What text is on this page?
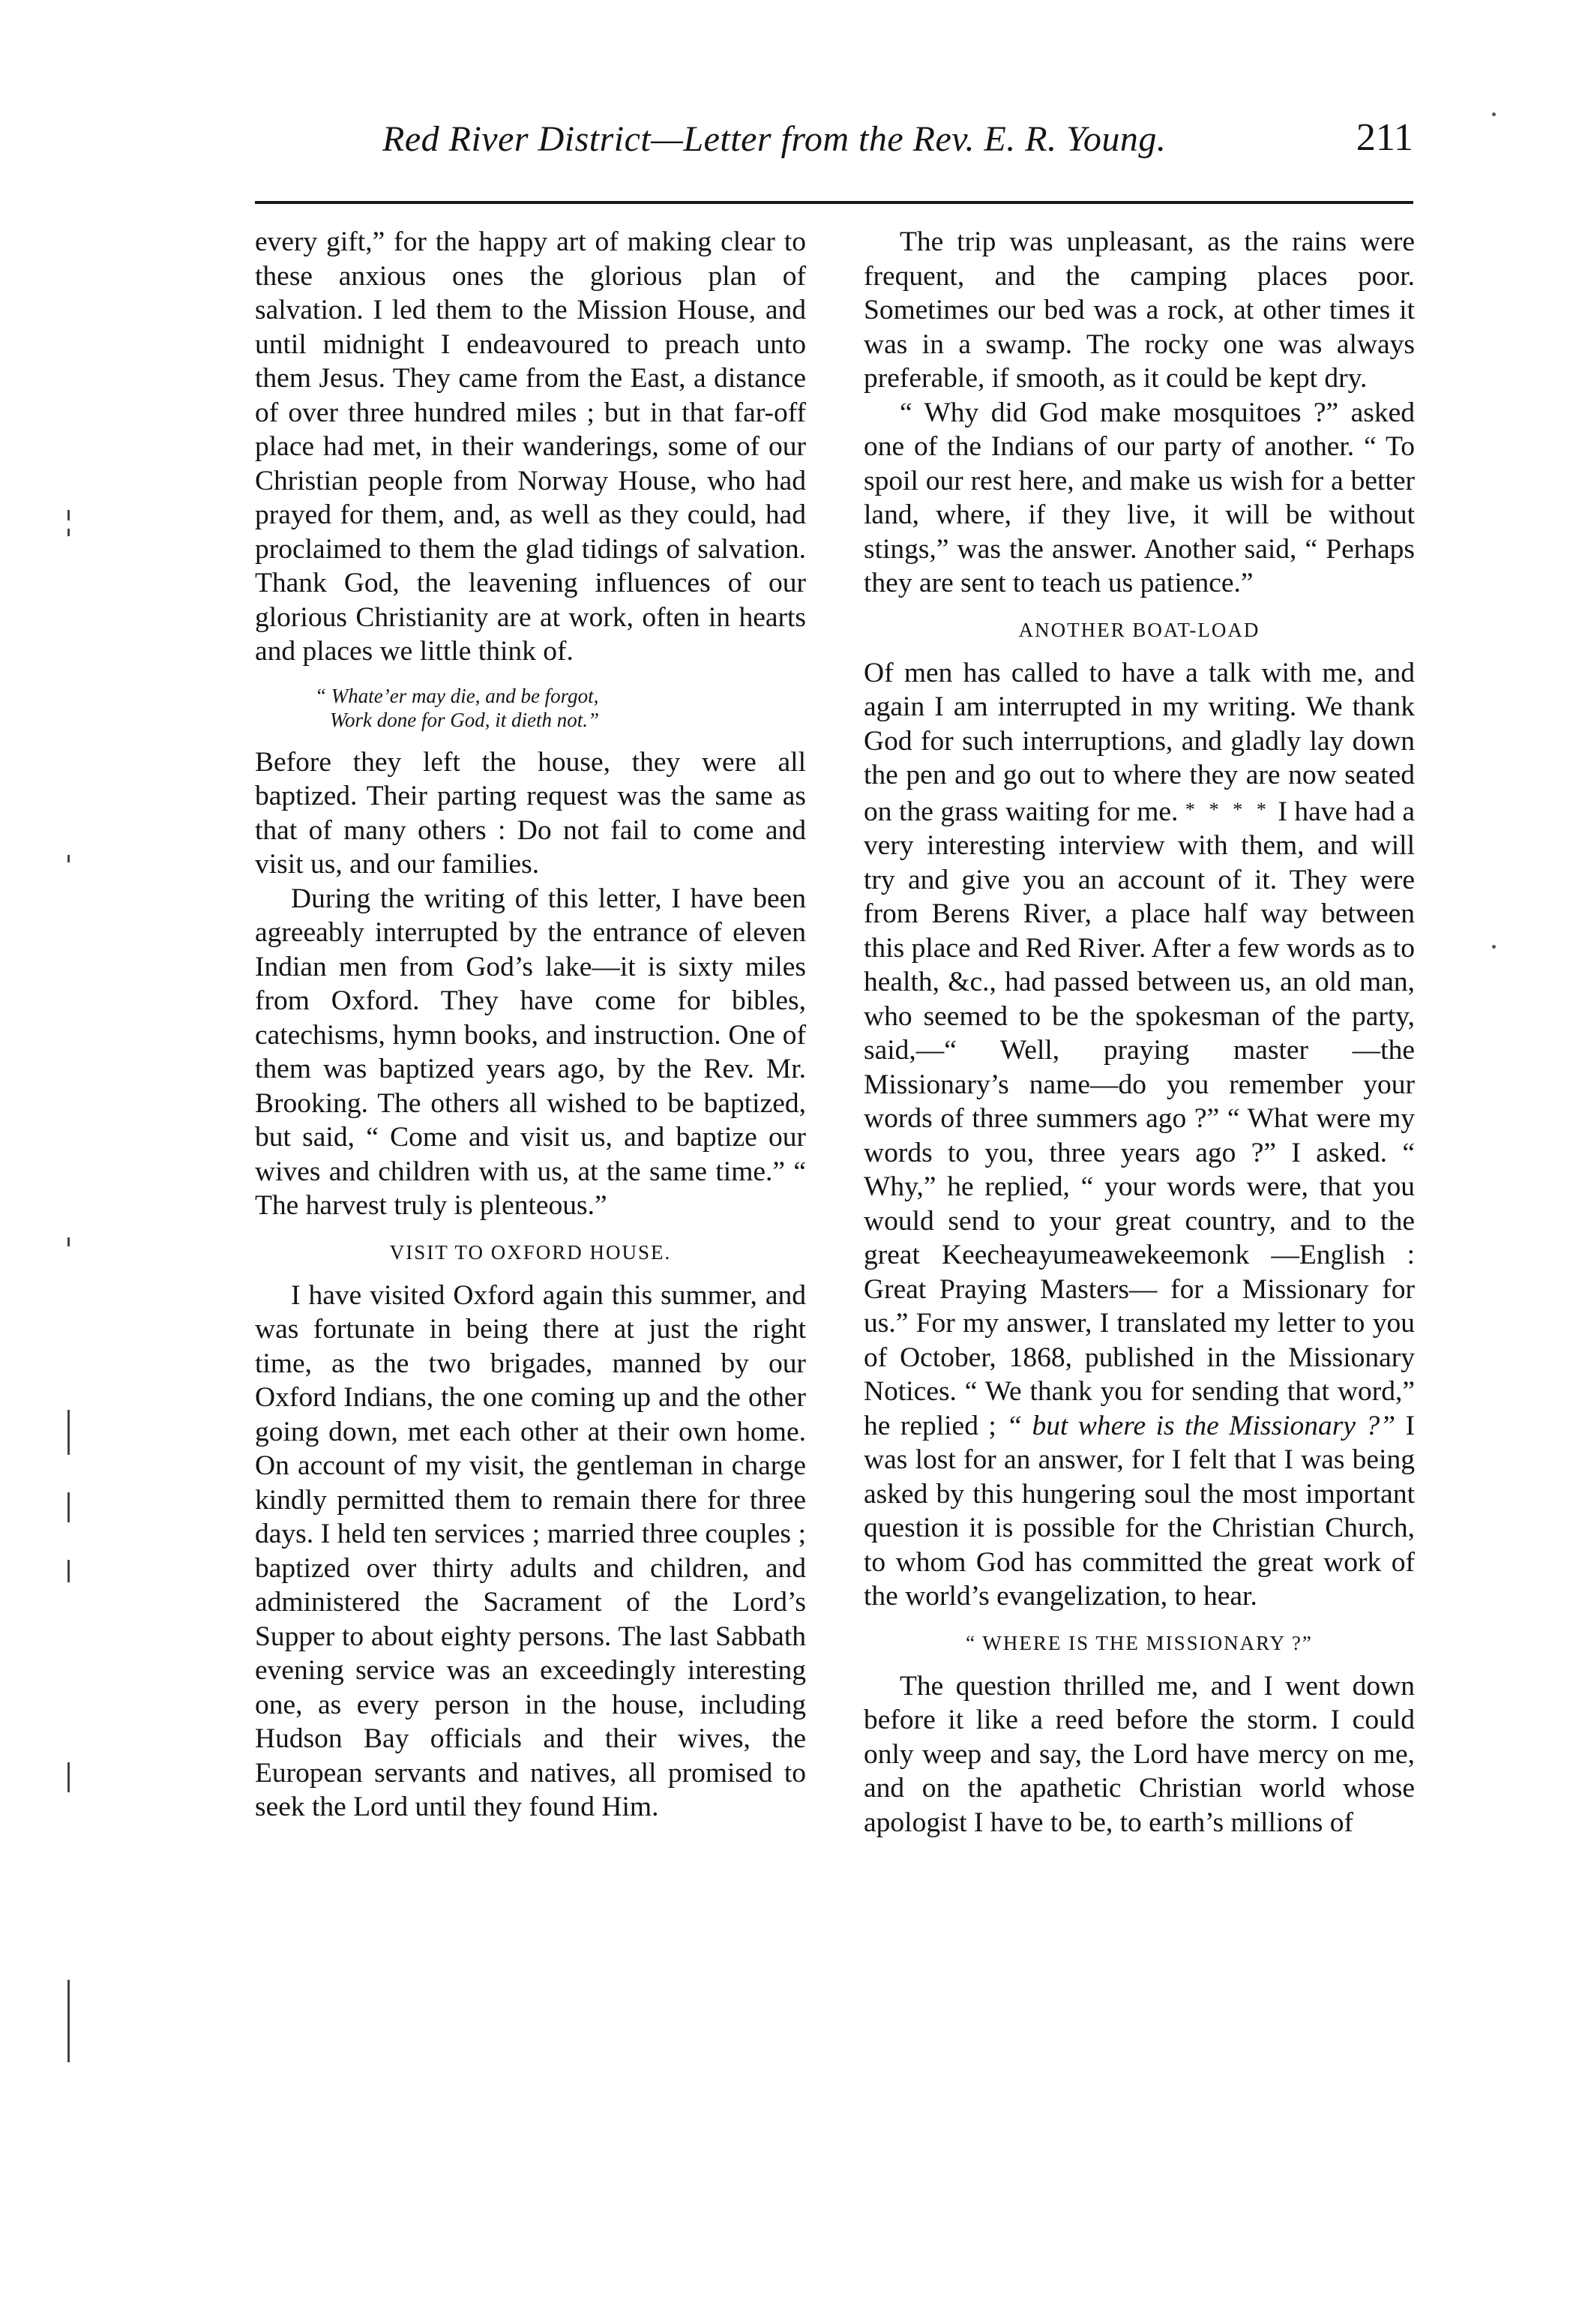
Red River District—Letter from the Rev. E. R. Young.	211

every gift,” for the happy art of making clear to these anxious ones the glorious plan of salvation. I led them to the Mission House, and until midnight I endeavoured to preach unto them Jesus. They came from the East, a distance of over three hundred miles ; but in that far-off place had met, in their wanderings, some of our Christian people from Norway House, who had prayed for them, and, as well as they could, had proclaimed to them the glad tidings of salvation. Thank God, the leavening influences of our glorious Christianity are at work, often in hearts and places we little think of.

“ Whate’er may die, and be forgot,
Work done for God, it dieth not.”

Before they left the house, they were all baptized. Their parting request was the same as that of many others : Do not fail to come and visit us, and our families.

During the writing of this letter, I have been agreeably interrupted by the entrance of eleven Indian men from God’s lake—it is sixty miles from Oxford. They have come for bibles, catechisms, hymn books, and instruction. One of them was baptized years ago, by the Rev. Mr. Brooking. The others all wished to be baptized, but said, “ Come and visit us, and baptize our wives and children with us, at the same time.” “ The harvest truly is plenteous.”

VISIT TO OXFORD HOUSE.

I have visited Oxford again this summer, and was fortunate in being there at just the right time, as the two brigades, manned by our Oxford Indians, the one coming up and the other going down, met each other at their own home. On account of my visit, the gentleman in charge kindly permitted them to remain there for three days. I held ten services ; married three couples ; baptized over thirty adults and children, and administered the Sacrament of the Lord’s Supper to about eighty persons. The last Sabbath evening service was an exceedingly interesting one, as every person in the house, including Hudson Bay officials and their wives, the European servants and natives, all promised to seek the Lord until they found Him.

The trip was unpleasant, as the rains were frequent, and the camping places poor. Sometimes our bed was a rock, at other times it was in a swamp. The rocky one was always preferable, if smooth, as it could be kept dry.

“ Why did God make mosquitoes ?” asked one of the Indians of our party of another. “ To spoil our rest here, and make us wish for a better land, where, if they live, it will be without stings,” was the answer. Another said, “ Perhaps they are sent to teach us patience.”

ANOTHER BOAT-LOAD

Of men has called to have a talk with me, and again I am interrupted in my writing. We thank God for such interruptions, and gladly lay down the pen and go out to where they are now seated on the grass waiting for me. * * * * I have had a very interesting interview with them, and will try and give you an account of it. They were from Berens River, a place half way between this place and Red River. After a few words as to health, &c., had passed between us, an old man, who seemed to be the spokesman of the party, said,—“ Well, praying master —the Missionary’s name—do you remember your words of three summers ago ?” “ What were my words to you, three years ago ?” I asked. “ Why,” he replied, “ your words were, that you would send to your great country, and to the great Keecheayumeawekeemonk —English : Great Praying Masters— for a Missionary for us.” For my answer, I translated my letter to you of October, 1868, published in the Missionary Notices. “ We thank you for sending that word,” he replied ; “ but where is the Missionary ?” I was lost for an answer, for I felt that I was being asked by this hungering soul the most important question it is possible for the Christian Church, to whom God has committed the great work of the world’s evangelization, to hear.

“ WHERE IS THE MISSIONARY ?”

The question thrilled me, and I went down before it like a reed before the storm. I could only weep and say, the Lord have mercy on me, and on the apathetic Christian world whose apologist I have to be, to earth’s millions of
